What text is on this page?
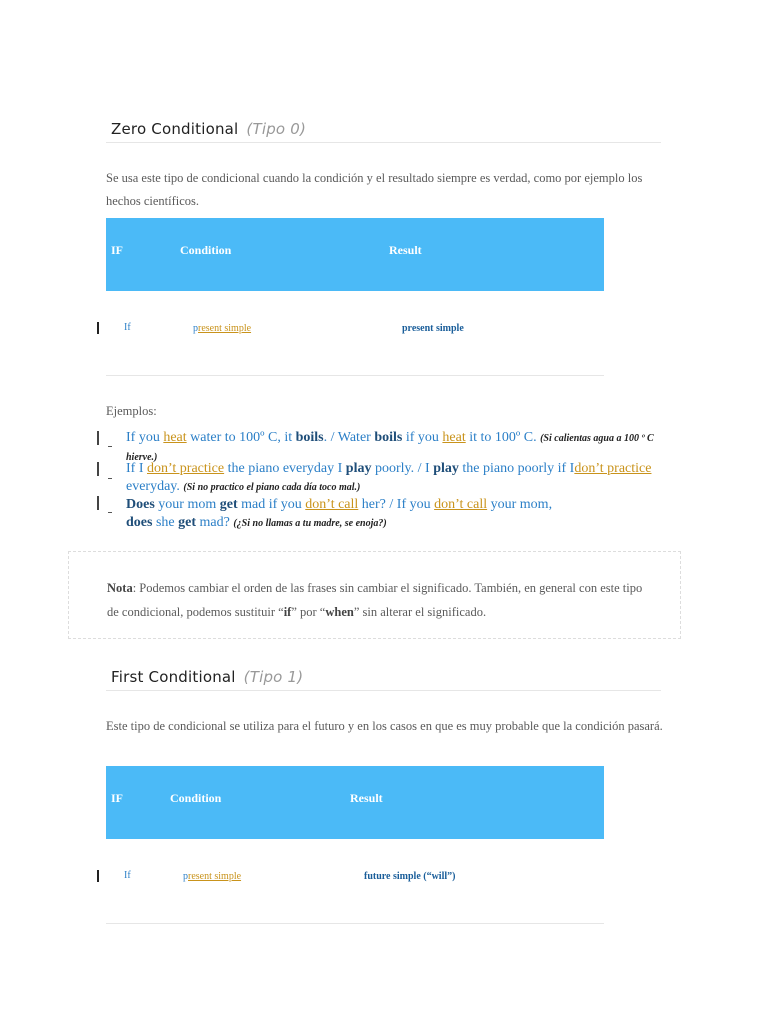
Zero Conditional (Tipo 0)
Se usa este tipo de condicional cuando la condición y el resultado siempre es verdad, como por ejemplo los hechos científicos.
IF	Condition	Result
If	present simple	present simple
Ejemplos:
If you heat water to 100º C, it boils. / Water boils if you heat it to 100º C. (Si calientas agua a 100 º C hierve.)
If I don’t practice the piano everyday I play poorly. / I play the piano poorly if Idon’t practice everyday. (Si no practico el piano cada día toco mal.)
Does your mom get mad if you don’t call her? / If you don’t call your mom, does she get mad? (¿Si no llamas a tu madre, se enoja?)
Nota: Podemos cambiar el orden de las frases sin cambiar el significado. También, en general con este tipo de condicional, podemos sustituir “if” por “when” sin alterar el significado.
First Conditional (Tipo 1)
Este tipo de condicional se utiliza para el futuro y en los casos en que es muy probable que la condición pasará.
IF	Condition	Result
If	present simple	future simple (“will”)
